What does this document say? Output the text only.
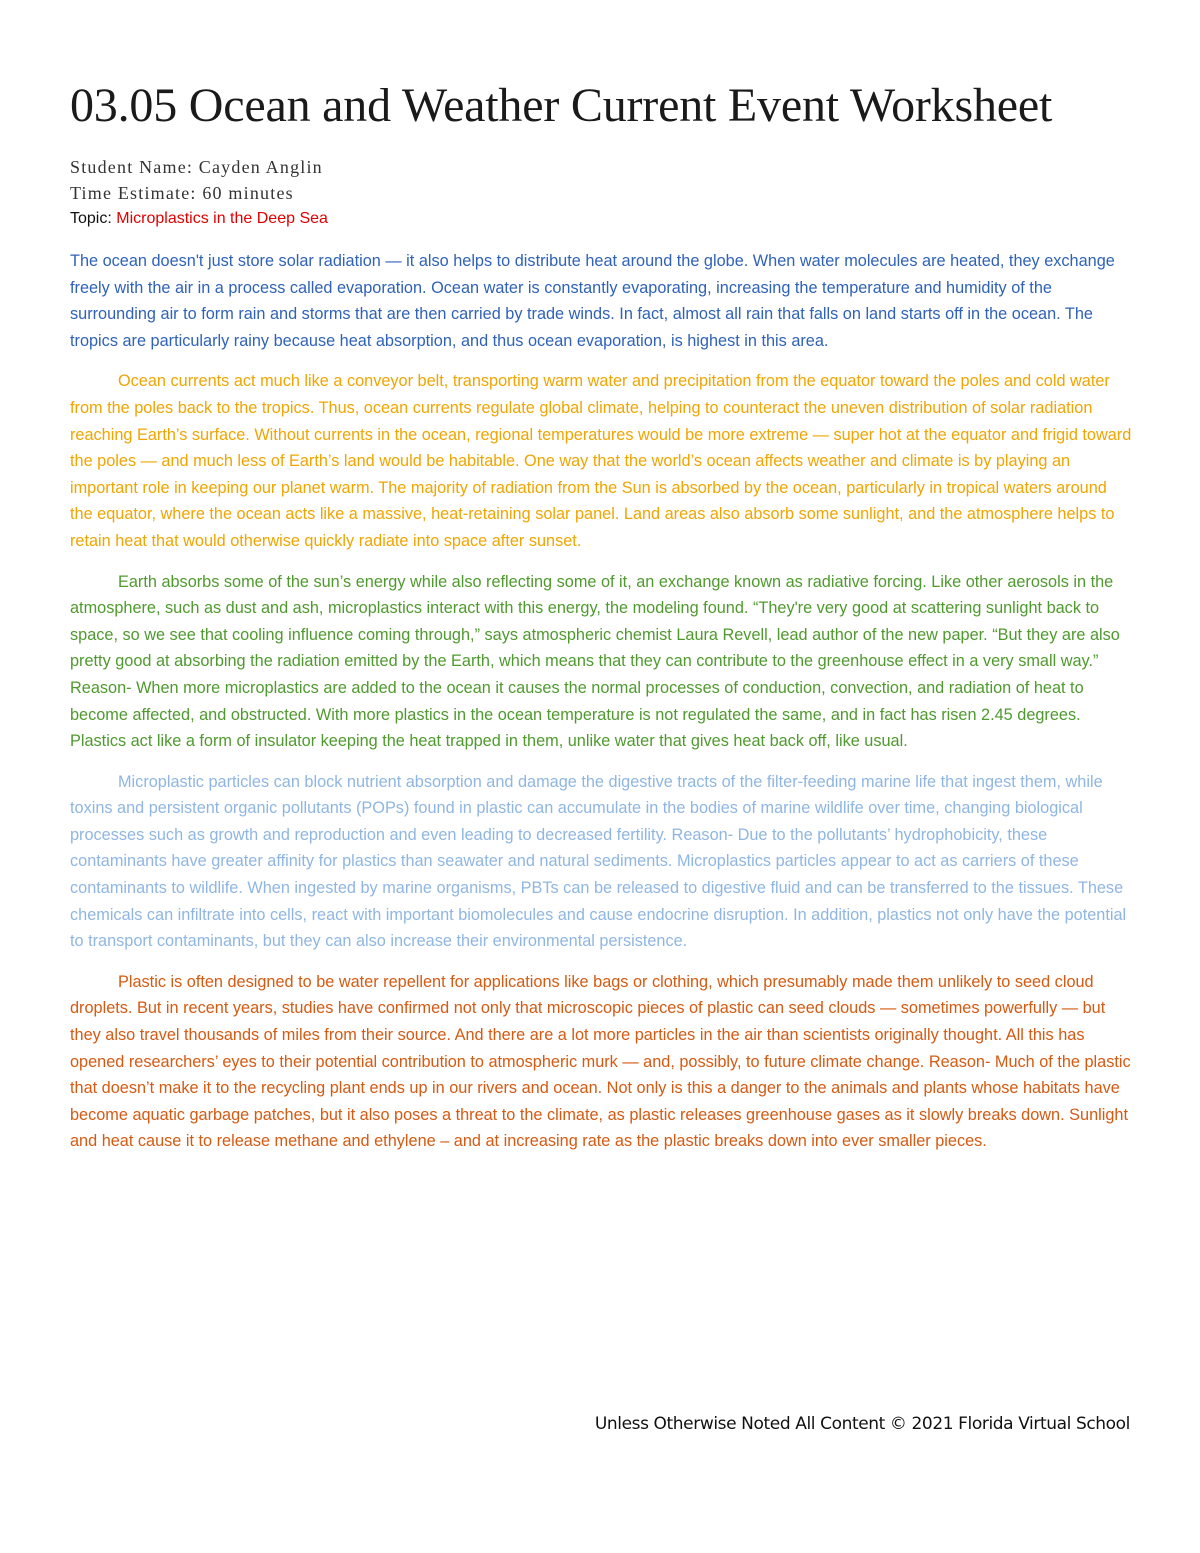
03.05 Ocean and Weather Current Event Worksheet
Student Name: Cayden Anglin
Time Estimate: 60 minutes
Topic: Microplastics in the Deep Sea

The ocean doesn't just store solar radiation — it also helps to distribute heat around the globe. When water molecules are heated, they exchange freely with the air in a process called evaporation. Ocean water is constantly evaporating, increasing the temperature and humidity of the surrounding air to form rain and storms that are then carried by trade winds. In fact, almost all rain that falls on land starts off in the ocean. The tropics are particularly rainy because heat absorption, and thus ocean evaporation, is highest in this area.

Ocean currents act much like a conveyor belt, transporting warm water and precipitation from the equator toward the poles and cold water from the poles back to the tropics. Thus, ocean currents regulate global climate, helping to counteract the uneven distribution of solar radiation reaching Earth’s surface. Without currents in the ocean, regional temperatures would be more extreme — super hot at the equator and frigid toward the poles — and much less of Earth’s land would be habitable. One way that the world’s ocean affects weather and climate is by playing an important role in keeping our planet warm. The majority of radiation from the Sun is absorbed by the ocean, particularly in tropical waters around the equator, where the ocean acts like a massive, heat-retaining solar panel. Land areas also absorb some sunlight, and the atmosphere helps to retain heat that would otherwise quickly radiate into space after sunset.

Earth absorbs some of the sun’s energy while also reflecting some of it, an exchange known as radiative forcing. Like other aerosols in the atmosphere, such as dust and ash, microplastics interact with this energy, the modeling found. “They're very good at scattering sunlight back to space, so we see that cooling influence coming through,” says atmospheric chemist Laura Revell, lead author of the new paper. “But they are also pretty good at absorbing the radiation emitted by the Earth, which means that they can contribute to the greenhouse effect in a very small way.” Reason- When more microplastics are added to the ocean it causes the normal processes of conduction, convection, and radiation of heat to become affected, and obstructed. With more plastics in the ocean temperature is not regulated the same, and in fact has risen 2.45 degrees. Plastics act like a form of insulator keeping the heat trapped in them, unlike water that gives heat back off, like usual.

Microplastic particles can block nutrient absorption and damage the digestive tracts of the filter-feeding marine life that ingest them, while toxins and persistent organic pollutants (POPs) found in plastic can accumulate in the bodies of marine wildlife over time, changing biological processes such as growth and reproduction and even leading to decreased fertility. Reason- Due to the pollutants’ hydrophobicity, these contaminants have greater affinity for plastics than seawater and natural sediments. Microplastics particles appear to act as carriers of these contaminants to wildlife. When ingested by marine organisms, PBTs can be released to digestive fluid and can be transferred to the tissues. These chemicals can infiltrate into cells, react with important biomolecules and cause endocrine disruption. In addition, plastics not only have the potential to transport contaminants, but they can also increase their environmental persistence.

Plastic is often designed to be water repellent for applications like bags or clothing, which presumably made them unlikely to seed cloud droplets. But in recent years, studies have confirmed not only that microscopic pieces of plastic can seed clouds — sometimes powerfully — but they also travel thousands of miles from their source. And there are a lot more particles in the air than scientists originally thought. All this has opened researchers’ eyes to their potential contribution to atmospheric murk — and, possibly, to future climate change. Reason- Much of the plastic that doesn’t make it to the recycling plant ends up in our rivers and ocean. Not only is this a danger to the animals and plants whose habitats have become aquatic garbage patches, but it also poses a threat to the climate, as plastic releases greenhouse gases as it slowly breaks down. Sunlight and heat cause it to release methane and ethylene – and at increasing rate as the plastic breaks down into ever smaller pieces.

Unless Otherwise Noted All Content © 2021 Florida Virtual School
